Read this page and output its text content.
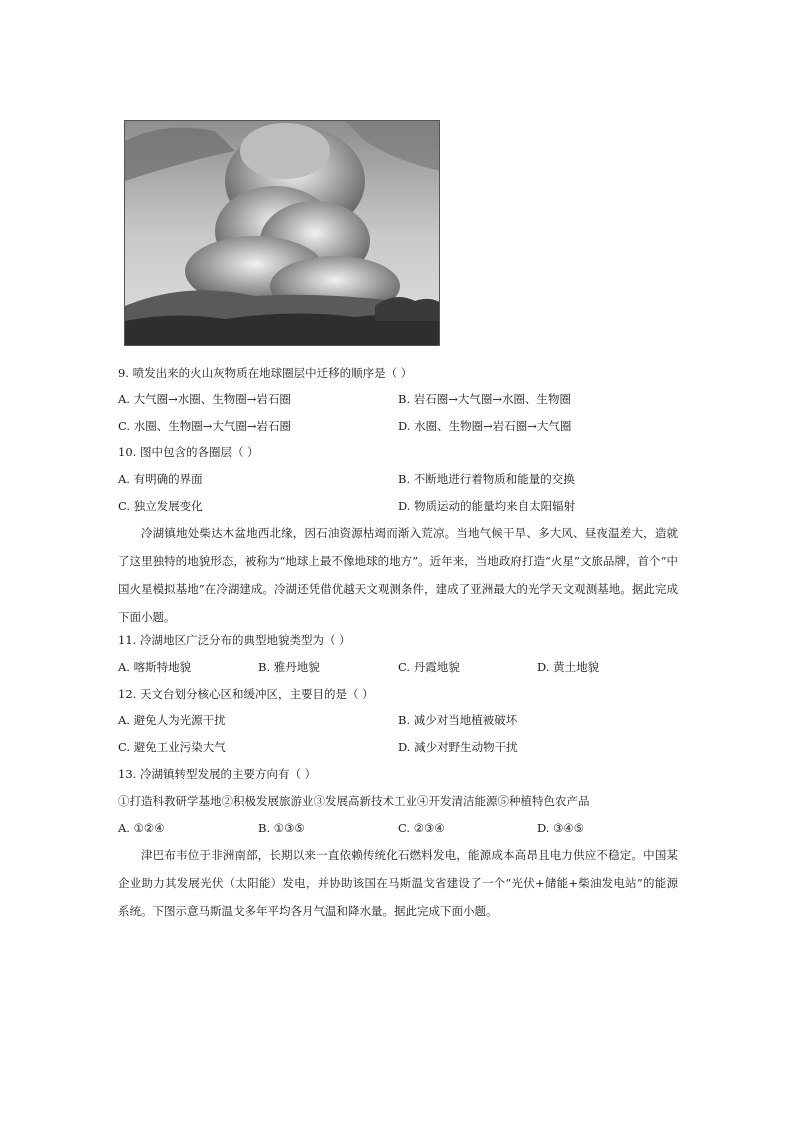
9. 喷发出来的火山灰物质在地球圈层中迁移的顺序是（ ）
A. 大气圈→水圈、生物圈→岩石圈	B. 岩石圈→大气圈→水圈、生物圈
C. 水圈、生物圈→大气圈→岩石圈	D. 水圈、生物圈→岩石圈→大气圈
10. 图中包含的各圈层（ ）
A. 有明确的界面	B. 不断地进行着物质和能量的交换
C. 独立发展变化	D. 物质运动的能量均来自太阳辐射
冷湖镇地处柴达木盆地西北缘，因石油资源枯竭而渐入荒凉。当地气候干旱、多大风、昼夜温差大，造就了这里独特的地貌形态，被称为“地球上最不像地球的地方”。近年来，当地政府打造“火星”文旅品牌，首个“中国火星模拟基地”在冷湖建成。冷湖还凭借优越天文观测条件，建成了亚洲最大的光学天文观测基地。据此完成下面小题。
11. 冷湖地区广泛分布的典型地貌类型为（ ）
A. 喀斯特地貌	B. 雅丹地貌	C. 丹霞地貌	D. 黄土地貌
12. 天文台划分核心区和缓冲区，主要目的是（ ）
A. 避免人为光源干扰	B. 减少对当地植被破坏
C. 避免工业污染大气	D. 减少对野生动物干扰
13. 冷湖镇转型发展的主要方向有（ ）
①打造科教研学基地②积极发展旅游业③发展高新技术工业④开发清洁能源⑤种植特色农产品
A. ①②④	B. ①③⑤	C. ②③④	D. ③④⑤
津巴布韦位于非洲南部，长期以来一直依赖传统化石燃料发电，能源成本高昂且电力供应不稳定。中国某企业助力其发展光伏（太阳能）发电，并协助该国在马斯温戈省建设了一个“光伏+储能+柴油发电站”的能源系统。下图示意马斯温戈多年平均各月气温和降水量。据此完成下面小题。
